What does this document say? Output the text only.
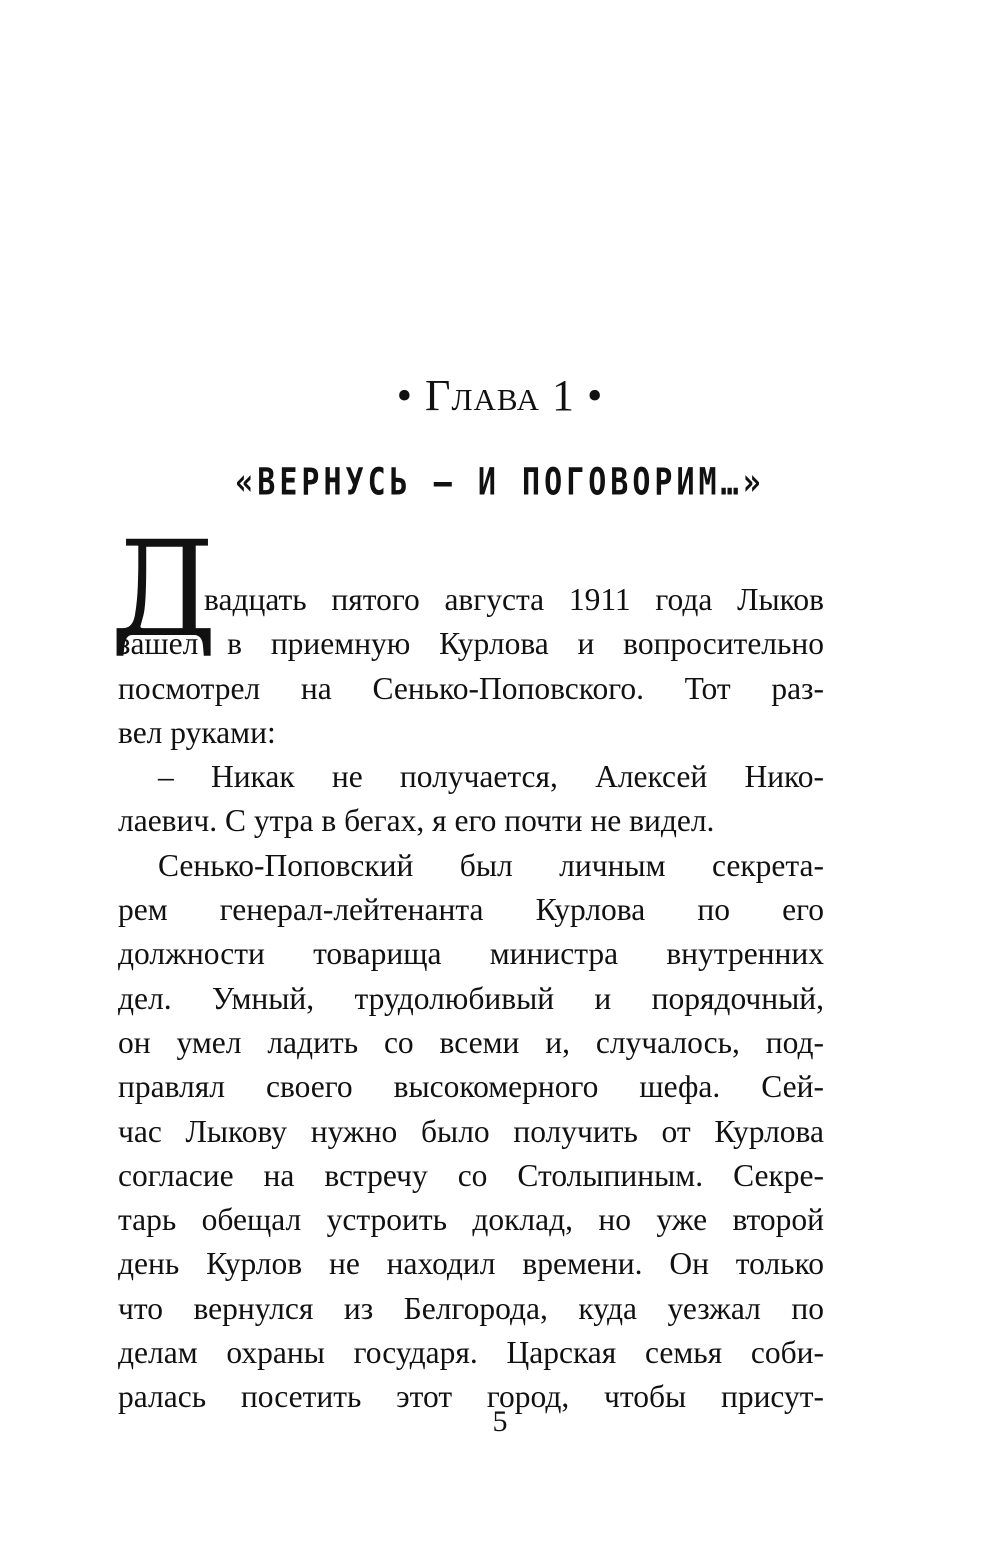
• Глава 1 •
«ВЕРНУСЬ – И ПОГОВОРИМ…»
Д
вадцать пятого августа 1911 года Лыков
зашел в приемную Курлова и вопросительно
посмотрел на Сенько-Поповского. Тот раз-
вел руками:
– Никак не получается, Алексей Нико-
лаевич. С утра в бегах, я его почти не видел.
Сенько-Поповский был личным секрета-
рем генерал-лейтенанта Курлова по его
должности товарища министра внутренних
дел. Умный, трудолюбивый и порядочный,
он умел ладить со всеми и, случалось, под-
правлял своего высокомерного шефа. Сей-
час Лыкову нужно было получить от Курлова
согласие на встречу со Столыпиным. Секре-
тарь обещал устроить доклад, но уже второй
день Курлов не находил времени. Он только
что вернулся из Белгорода, куда уезжал по
делам охраны государя. Царская семья соби-
ралась посетить этот город, чтобы присут-
5
